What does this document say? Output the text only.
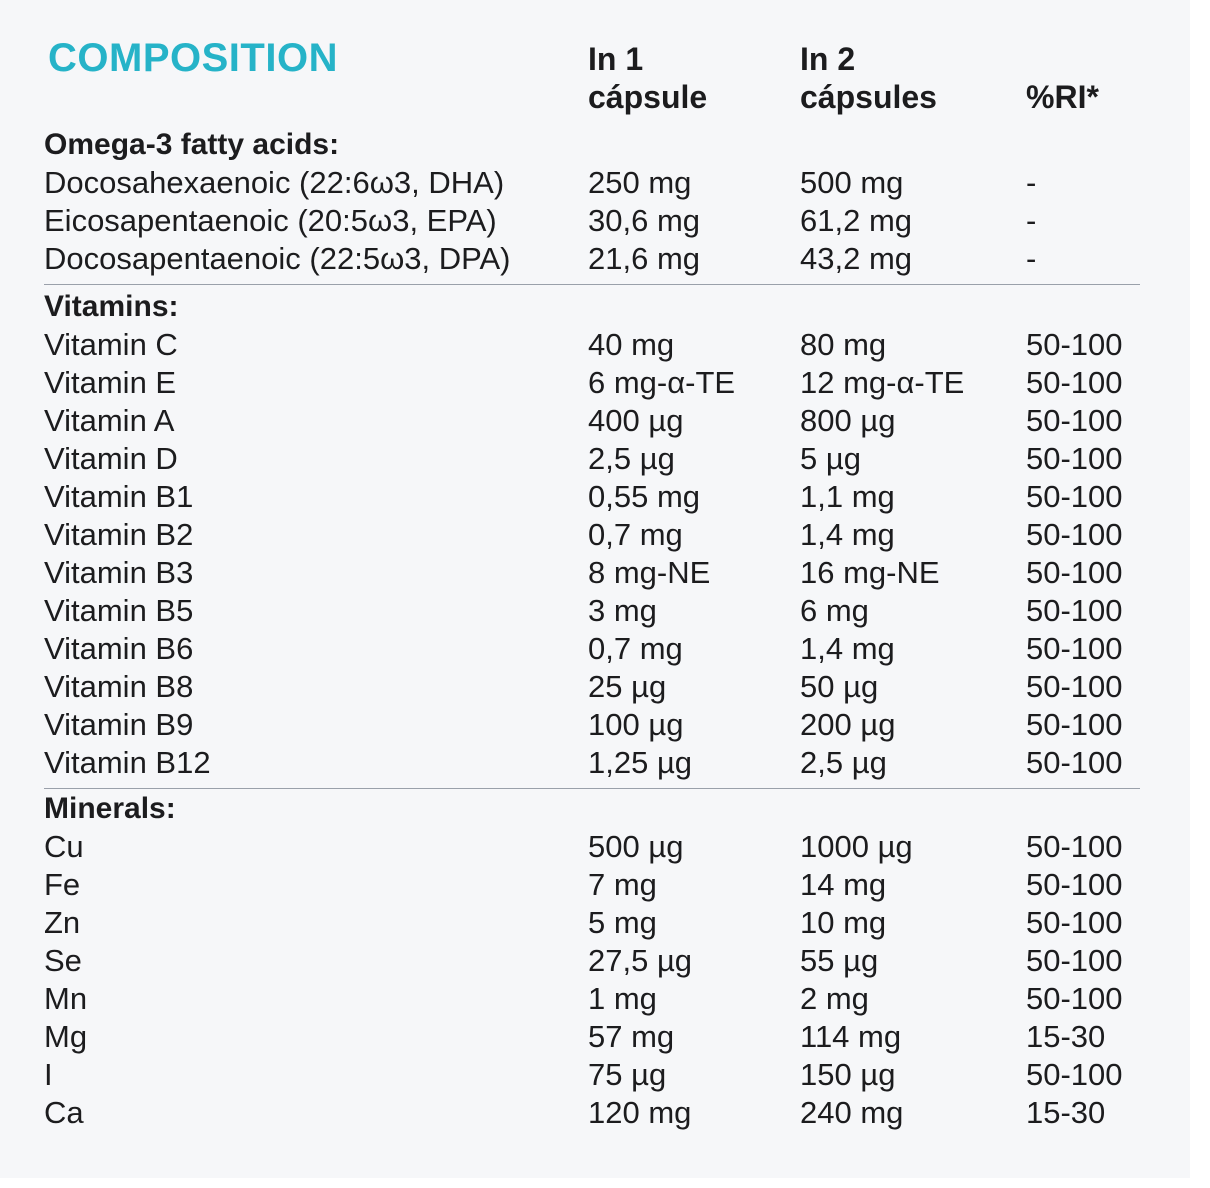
COMPOSITION	In 1
cápsule
In 2
cápsules	%RI*
Omega-3 fatty acids:
Docosahexaenoic (22:6ω3, DHA)	250 mg	500 mg	-
Eicosapentaenoic (20:5ω3, EPA)	30,6 mg	61,2 mg	-
Docosapentaenoic (22:5ω3, DPA)	21,6 mg	43,2 mg	-
Vitamins:
Vitamin C	40 mg	80 mg	50-100
Vitamin E	6 mg-α-TE 12 mg-α-TE 50-100
Vitamin A	400 µg	800 µg	50-100
Vitamin D	2,5 µg	5 µg	50-100
Vitamin B1	0,55 mg	1,1 mg	50-100
Vitamin B2	0,7 mg	1,4 mg	50-100
Vitamin B3	8 mg-NE	16 mg-NE	50-100
Vitamin B5	3 mg	6 mg	50-100
Vitamin B6	0,7 mg	1,4 mg	50-100
Vitamin B8	25 µg	50 µg	50-100
Vitamin B9	100 µg	200 µg	50-100
Vitamin B12	1,25 µg	2,5 µg	50-100
Minerals:
Cu	500 µg	1000 µg	50-100
Fe	7 mg	14 mg	50-100
Zn	5 mg	10 mg	50-100
Se	27,5 µg	55 µg	50-100
Mn	1 mg	2 mg	50-100
Mg	57 mg	114 mg	15-30
I	75 µg	150 µg	50-100
Ca	120 mg	240 mg	15-30
